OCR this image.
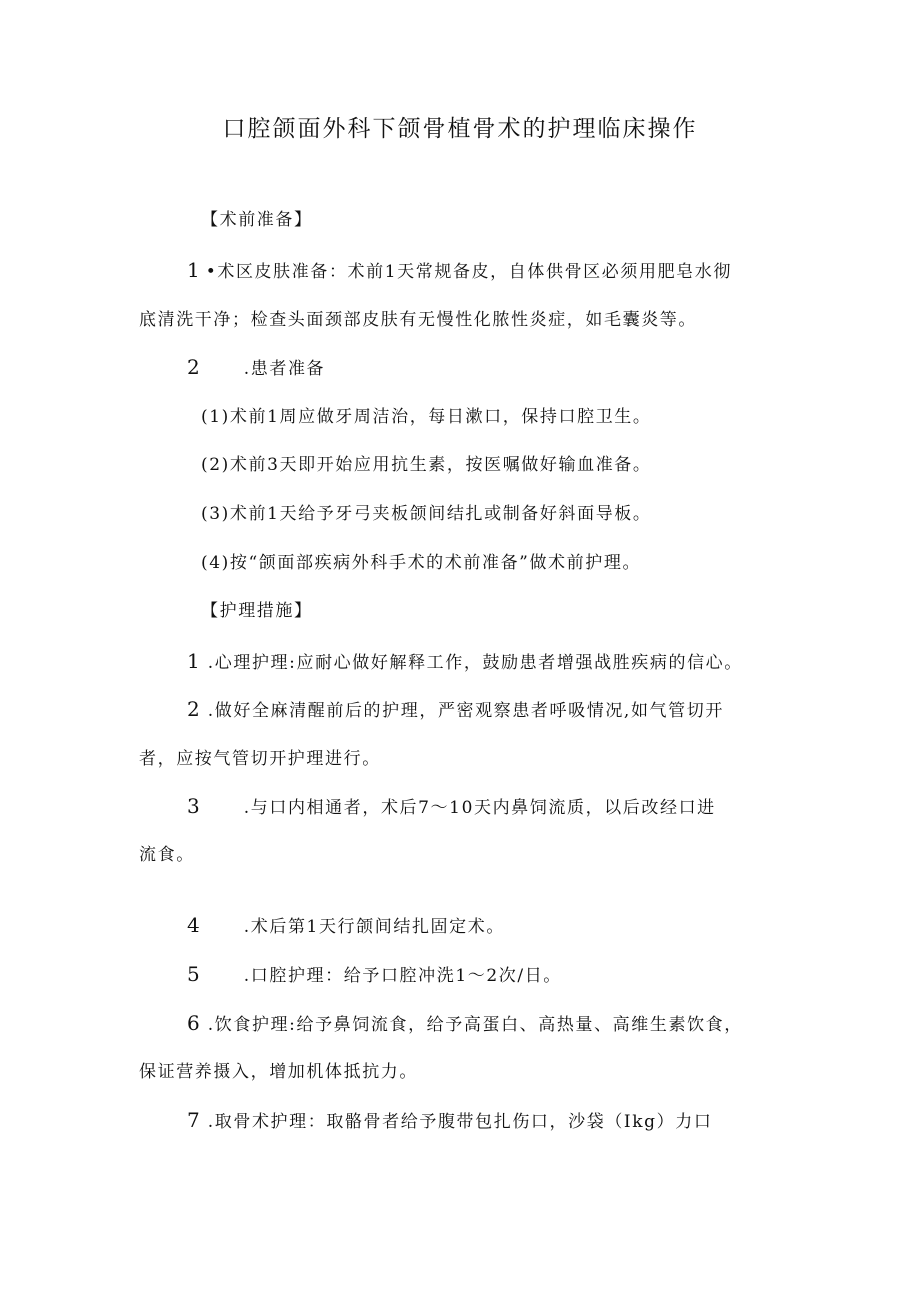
口腔颌面外科下颌骨植骨术的护理临床操作
【术前准备】
1 •术区皮肤准备：术前1天常规备皮，自体供骨区必须用肥皂水彻
底清洗干净；检查头面颈部皮肤有无慢性化脓性炎症，如毛囊炎等。
2	.患者准备
(1)术前1周应做牙周洁治，每日漱口，保持口腔卫生。
(2)术前3天即开始应用抗生素，按医嘱做好输血准备。
(3)术前1天给予牙弓夹板颌间结扎或制备好斜面导板。
(4)按“颌面部疾病外科手术的术前准备”做术前护理。
【护理措施】
1 .心理护理:应耐心做好解释工作，鼓励患者增强战胜疾病的信心。
2 .做好全麻清醒前后的护理，严密观察患者呼吸情况,如气管切开
者，应按气管切开护理进行。
3	.与口内相通者，术后7～10天内鼻饲流质，以后改经口进
流食。
4	.术后第1天行颌间结扎固定术。
5	.口腔护理：给予口腔冲洗1～2次/日。
6 .饮食护理:给予鼻饲流食，给予高蛋白、高热量、高维生素饮食，
保证营养摄入，增加机体抵抗力。
7 .取骨术护理：取骼骨者给予腹带包扎伤口，沙袋（Ikg）力口
